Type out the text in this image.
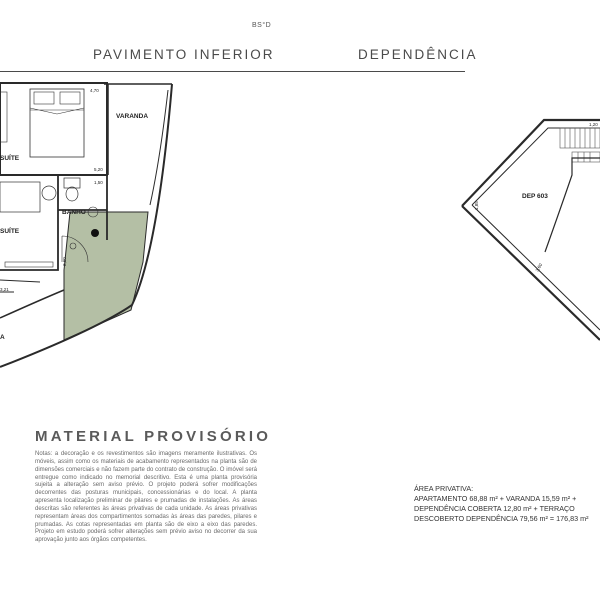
BS°D
PAVIMENTO INFERIOR	DEPENDÊNCIA
SUÍTE
SUÍTE
VARANDA
BANHO
A
4,70
5,20
1,50
2,60
3,21
DEP 603
1,85
3,60
1,20
MATERIAL PROVISÓRIO
Notas: a decoração e os revestimentos são imagens meramente ilustrativas. Os móveis, assim como os materiais de acabamento representados na planta são de dimensões comerciais e não fazem parte do contrato de construção. O imóvel será entregue como indicado no memorial descritivo. Esta é uma planta provisória sujeita a alteração sem aviso prévio. O projeto poderá sofrer modificações decorrentes das posturas municipais, concessionárias e do local. A planta apresenta localização preliminar de pilares e prumadas de instalações. As áreas descritas são referentes às áreas privativas de cada unidade. As áreas privativas representam áreas dos compartimentos somadas às áreas das paredes, pilares e prumadas. As cotas representadas em planta são de eixo a eixo das paredes. Projeto em estudo poderá sofrer alterações sem prévio aviso no decorrer da sua aprovação junto aos órgãos competentes.
ÁREA PRIVATIVA:
APARTAMENTO 68,88 m² + VARANDA 15,59 m² +
DEPENDÊNCIA COBERTA 12,80 m² + TERRAÇO
DESCOBERTO DEPENDÊNCIA 79,56 m² = 176,83 m²
